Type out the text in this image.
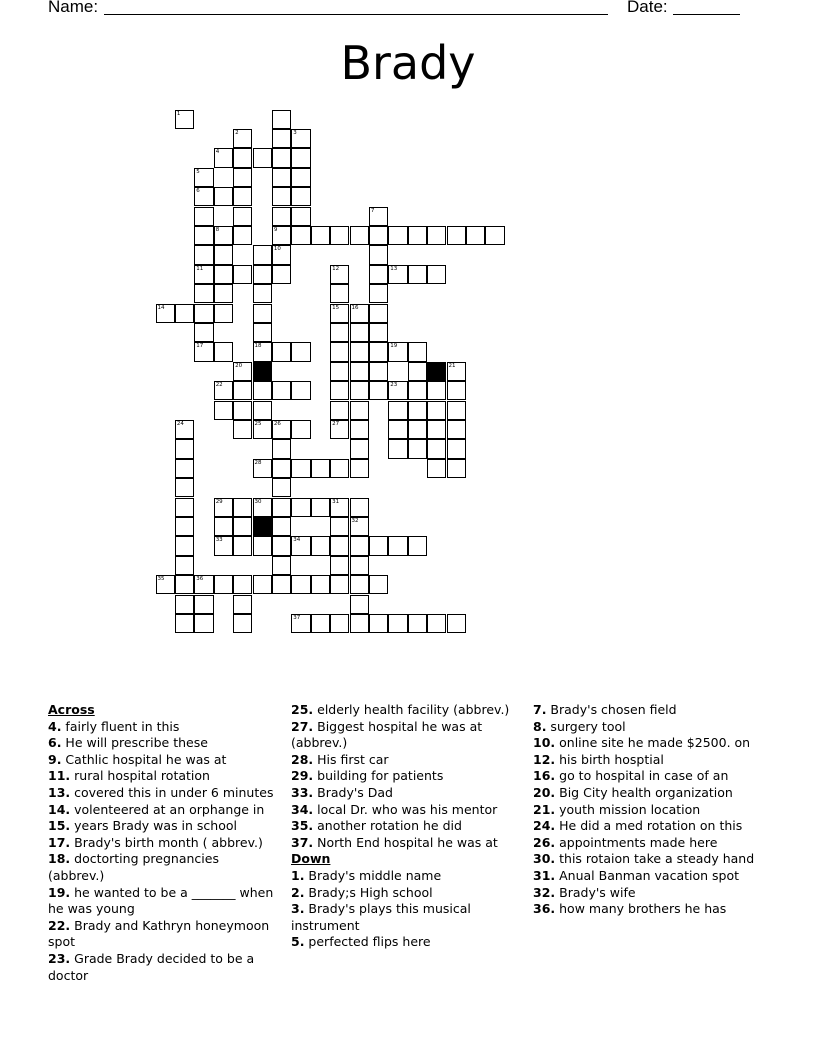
Name:	Date:
Brady
9
10
2	3
4
5
6
11
7
8
18
12
15
13
14	16
17	19
22	23
24	25 26	27
28
29	30	31
32
33	34
35	36
37
21
1
20
Across
4. fairly fluent in this
6. He will prescribe these
9. Cathlic hospital he was at
11. rural hospital rotation
13. covered this in under 6 minutes
14. volenteered at an orphange in
15. years Brady was in school
17. Brady's birth month ( abbrev.)
18. doctorting pregnancies (abbrev.)
19. he wanted to be a _______ when he was young
22. Brady and Kathryn honeymoon spot
23. Grade Brady decided to be a doctor
25. elderly health facility (abbrev.)
27. Biggest hospital he was at (abbrev.)
28. His first car
29. building for patients
33. Brady's Dad
34. local Dr. who was his mentor
35. another rotation he did
37. North End hospital he was at
Down
1. Brady's middle name
2. Brady;s High school
3. Brady's plays this musical instrument
5. perfected flips here
7. Brady's chosen field
8. surgery tool
10. online site he made $2500. on
12. his birth hosptial
16. go to hospital in case of an
20. Big City health organization
21. youth mission location
24. He did a med rotation on this
26. appointments made here
30. this rotaion take a steady hand
31. Anual Banman vacation spot
32. Brady's wife
36. how many brothers he has
